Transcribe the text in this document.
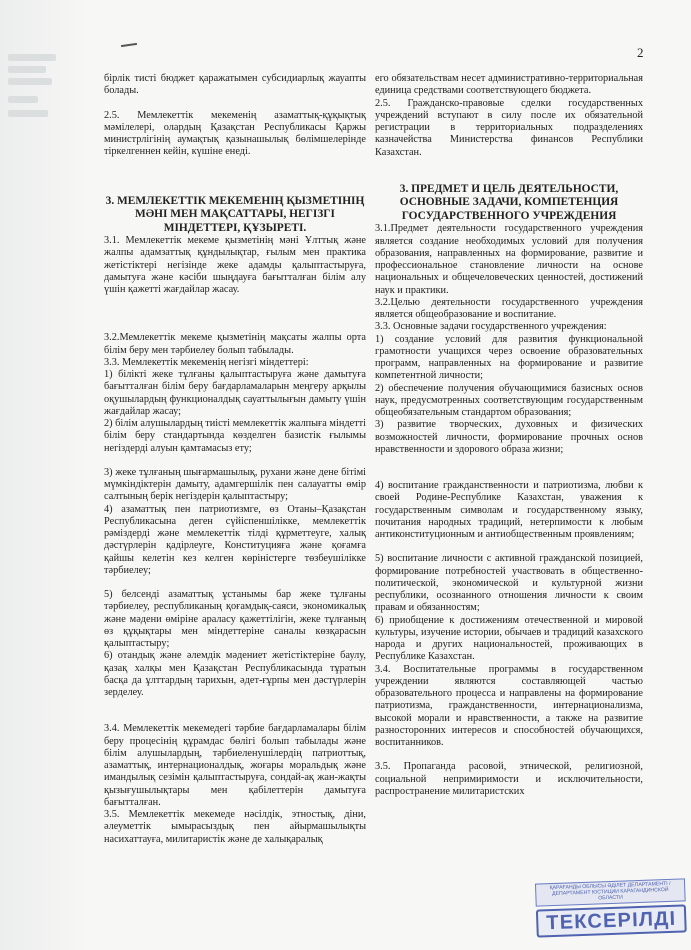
2

бірлік тисті бюджет қаражатымен субсидиарлық жауапты болады.

2.5. Мемлекеттік мекеменің азаматтық-құқықтық мәмілелері, олардың Қазақстан Республикасы Қаржы министрлігінің аумақтық қазынашылық бөлімшелерінде тіркелгеннен кейін, күшіне енеді.

3. МЕМЛЕКЕТТІК МЕКЕМЕНІҢ ҚЫЗМЕТІНІҢ МӘНІ МЕН МАҚСАТТАРЫ, НЕГІЗГІ МІНДЕТТЕРІ, ҚҰЗЫРЕТІ.

3.1. Мемлекеттік мекеме қызметінің мәні Ұлттық және жалпы адамзаттық құндылықтар, ғылым мен практика жетістіктері негізінде жеке адамды қалыптастыруға, дамытуға және кәсіби шыңдауға бағытталған білім алу үшін қажетті жағдайлар жасау.

3.2.Мемлекеттік мекеме қызметінің мақсаты жалпы орта білім беру мен тәрбиелеу болып табылады.

3.3. Мемлекеттік мекеменің негізгі міндеттері:

1) білікті жеке тұлғаны қалыптастыруға және дамытуға бағытталған білім беру бағдарламаларын меңгеру арқылы оқушылардың функционалдық сауаттылығын дамыту үшін жағдайлар жасау;

2) білім алушылардың тиісті мемлекеттік жалпыға міндетті білім беру стандартында көзделген базистік ғылымы негіздерді алуын қамтамасыз ету;

3) жеке тұлғаның шығармашылық, рухани және дене бітімі мүмкіндіктерін дамыту, адамгершілік пен салауатты өмір салтының берік негіздерін қалыптастыру;

4) азаматтық пен патриотизмге, өз Отаны–Қазақстан Республикасына деген сүйіспеншілікке, мемлекеттік рәміздерді және мемлекеттік тілді құрметтеуге, халық дәстүрлерін қадірлеуге, Конституцияға және қоғамға қайшы келетін кез келген көріністерге төзбеушілікке тәрбиелеу;

5) белсенді азаматтық ұстанымы бар жеке тұлғаны тәрбиелеу, республиканың қоғамдық-саяси, экономикалық және мәдени өміріне араласу қажеттілігін, жеке тұлғаның өз құқықтары мен міндеттеріне саналы көзқарасын қалыптастыру;

6) отандық және әлемдік мәдениет жетістіктеріне баулу, қазақ халқы мен Қазақстан Республикасында тұратын басқа да ұлттардың тарихын, әдет-ғұрпы мен дәстүрлерін зерделеу.

3.4. Мемлекеттік мекемедегі тәрбие бағдарламалары білім беру процесінің құрамдас бөлігі болып табылады және білім алушылардың, тәрбиеленушілердің патриоттық, азаматтық, интернационалдық, жоғары моральдық және имандылық сезімін қалыптастыруға, сондай-ақ жан-жақты қызығушылықтары мен қабілеттерін дамытуға бағытталған.

3.5. Мемлекеттік мекемеде нәсілдік, этностық, діни, әлеуметтік ымырасыздық пен айырмашылықты насихаттауға, милитаристік және де халықаралық

его обязательствам несет административно-территориальная единица средствами соответствующего бюджета.

2.5. Гражданско-правовые сделки государственных учреждений вступают в силу после их обязательной регистрации в территориальных подразделениях казначейства Министерства финансов Республики Казахстан.

3. ПРЕДМЕТ И ЦЕЛЬ ДЕЯТЕЛЬНОСТИ, ОСНОВНЫЕ ЗАДАЧИ, КОМПЕТЕНЦИЯ ГОСУДАРСТВЕННОГО УЧРЕЖДЕНИЯ

3.1.Предмет деятельности государственного учреждения является создание необходимых условий для получения образования, направленных на формирование, развитие и профессиональное становление личности на основе национальных и общечеловеческих ценностей, достижений наук и практики.

3.2.Целью деятельности государственного учреждения является общеобразование и воспитание.

3.3. Основные задачи государственного учреждения:

1) создание условий для развития функциональной грамотности учащихся через освоение образовательных программ, направленных на формирование и развитие компетентной личности;

2) обеспечение получения обучающимися базисных основ наук, предусмотренных соответствующим государственным общеобязательным стандартом образования;

3) развитие творческих, духовных и физических возможностей личности, формирование прочных основ нравственности и здорового образа жизни;

4) воспитание гражданственности и патриотизма, любви к своей Родине-Республике Казахстан, уважения к государственным символам и государственному языку, почитания народных традиций, нетерпимости к любым антиконституционным и антиобщественным проявлениям;

5) воспитание личности с активной гражданской позицией, формирование потребностей участвовать в общественно-политической, экономической и культурной жизни республики, осознанного отношения личности к своим правам и обязанностям;

6) приобщение к достижениям отечественной и мировой культуры, изучение истории, обычаев и традиций казахского народа и других национальностей, проживающих в Республике Казахстан.

3.4. Воспитательные программы в государственном учреждении являются составляющей частью образовательного процесса и направлены на формирование патриотизма, гражданственности, интернационализма, высокой морали и нравственности, а также на развитие разносторонних интересов и способностей обучающихся, воспитанников.

3.5. Пропаганда расовой, этнической, религиозной, социальной непримиримости и исключительности, распространение милитаристских

ҚАРАҒАНДЫ ОБЛЫСЫ ӘДІЛЕТ ДЕПАРТАМЕНТІ / ДЕПАРТАМЕНТ ЮСТИЦИИ КАРАГАНДИНСКОЙ ОБЛАСТИ
ТЕКСЕРІЛДІ
